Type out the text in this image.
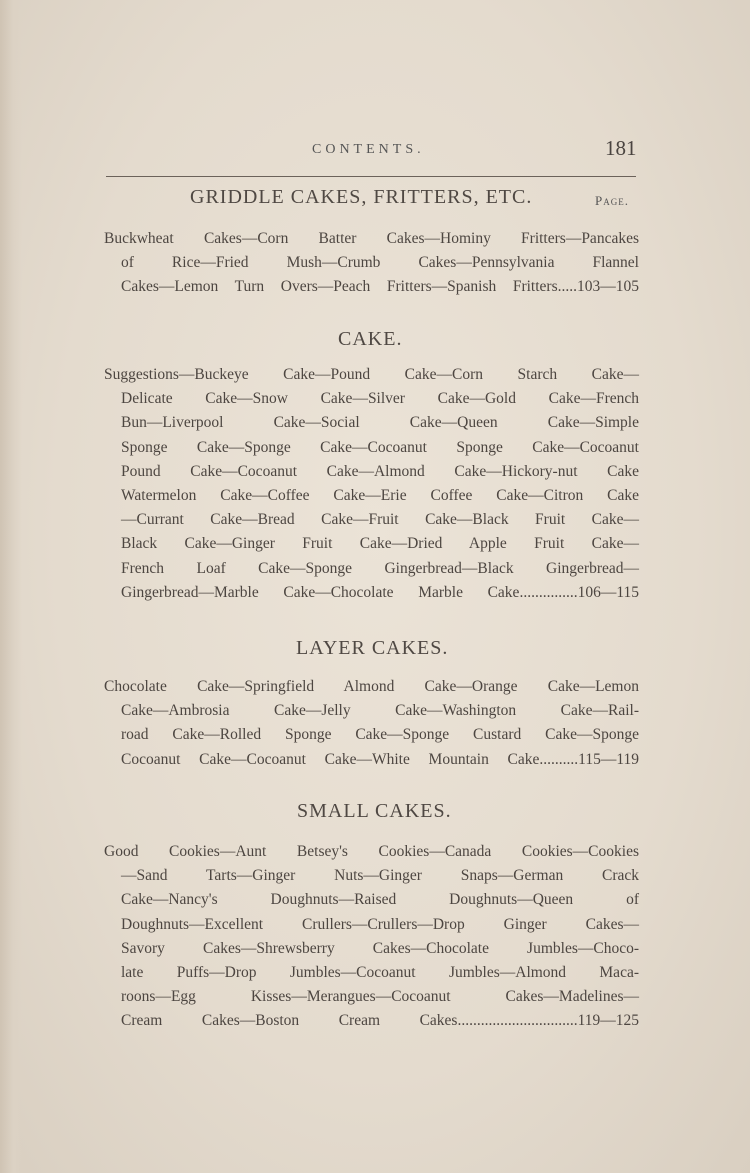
CONTENTS.	181
GRIDDLE CAKES, FRITTERS, ETC.	Page.
Buckwheat Cakes—Corn Batter Cakes—Hominy Fritters—Pancakes
of Rice—Fried Mush—Crumb Cakes—Pennsylvania Flannel
Cakes—Lemon Turn Overs—Peach Fritters—Spanish Fritters.....103—105
CAKE.
Suggestions—Buckeye Cake—Pound Cake—Corn Starch Cake—
Delicate Cake—Snow Cake—Silver Cake—Gold Cake—French
Bun—Liverpool Cake—Social Cake—Queen Cake—Simple
Sponge Cake—Sponge Cake—Cocoanut Sponge Cake—Cocoanut
Pound Cake—Cocoanut Cake—Almond Cake—Hickory-nut Cake
Watermelon Cake—Coffee Cake—Erie Coffee Cake—Citron Cake
—Currant Cake—Bread Cake—Fruit Cake—Black Fruit Cake—
Black Cake—Ginger Fruit Cake—Dried Apple Fruit Cake—
French Loaf Cake—Sponge Gingerbread—Black Gingerbread—
Gingerbread—Marble Cake—Chocolate Marble Cake...............106—115
LAYER CAKES.
Chocolate Cake—Springfield Almond Cake—Orange Cake—Lemon
Cake—Ambrosia Cake—Jelly Cake—Washington Cake—Rail-
road Cake—Rolled Sponge Cake—Sponge Custard Cake—Sponge
Cocoanut Cake—Cocoanut Cake—White Mountain Cake..........115—119
SMALL CAKES.
Good Cookies—Aunt Betsey's Cookies—Canada Cookies—Cookies
—Sand Tarts—Ginger Nuts—Ginger Snaps—German Crack
Cake—Nancy's Doughnuts—Raised Doughnuts—Queen of
Doughnuts—Excellent Crullers—Crullers—Drop Ginger Cakes—
Savory Cakes—Shrewsberry Cakes—Chocolate Jumbles—Choco-
late Puffs—Drop Jumbles—Cocoanut Jumbles—Almond Maca-
roons—Egg Kisses—Merangues—Cocoanut Cakes—Madelines—
Cream Cakes—Boston Cream Cakes...............................119—125
